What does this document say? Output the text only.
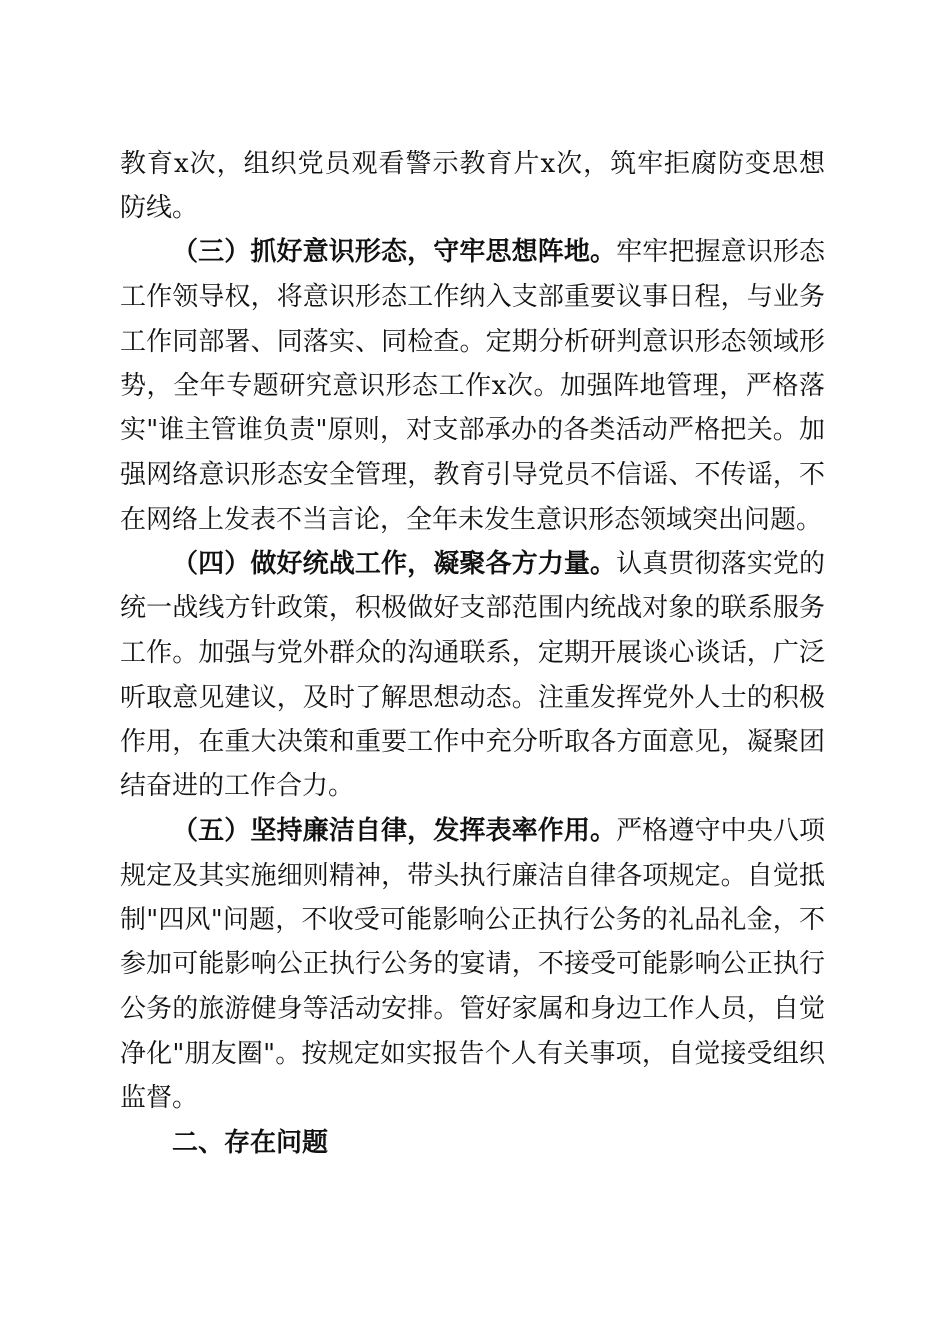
教育x次，组织党员观看警示教育片x次，筑牢拒腐防变思想
防线。
（三）抓好意识形态，守牢思想阵地。牢牢把握意识形态
工作领导权，将意识形态工作纳入支部重要议事日程，与业务
工作同部署、同落实、同检查。定期分析研判意识形态领域形
势，全年专题研究意识形态工作x次。加强阵地管理，严格落
实"谁主管谁负责"原则，对支部承办的各类活动严格把关。加
强网络意识形态安全管理，教育引导党员不信谣、不传谣，不
在网络上发表不当言论，全年未发生意识形态领域突出问题。
（四）做好统战工作，凝聚各方力量。认真贯彻落实党的
统一战线方针政策，积极做好支部范围内统战对象的联系服务
工作。加强与党外群众的沟通联系，定期开展谈心谈话，广泛
听取意见建议，及时了解思想动态。注重发挥党外人士的积极
作用，在重大决策和重要工作中充分听取各方面意见，凝聚团
结奋进的工作合力。
（五）坚持廉洁自律，发挥表率作用。严格遵守中央八项
规定及其实施细则精神，带头执行廉洁自律各项规定。自觉抵
制"四风"问题，不收受可能影响公正执行公务的礼品礼金，不
参加可能影响公正执行公务的宴请，不接受可能影响公正执行
公务的旅游健身等活动安排。管好家属和身边工作人员，自觉
净化"朋友圈"。按规定如实报告个人有关事项，自觉接受组织
监督。
二、存在问题
